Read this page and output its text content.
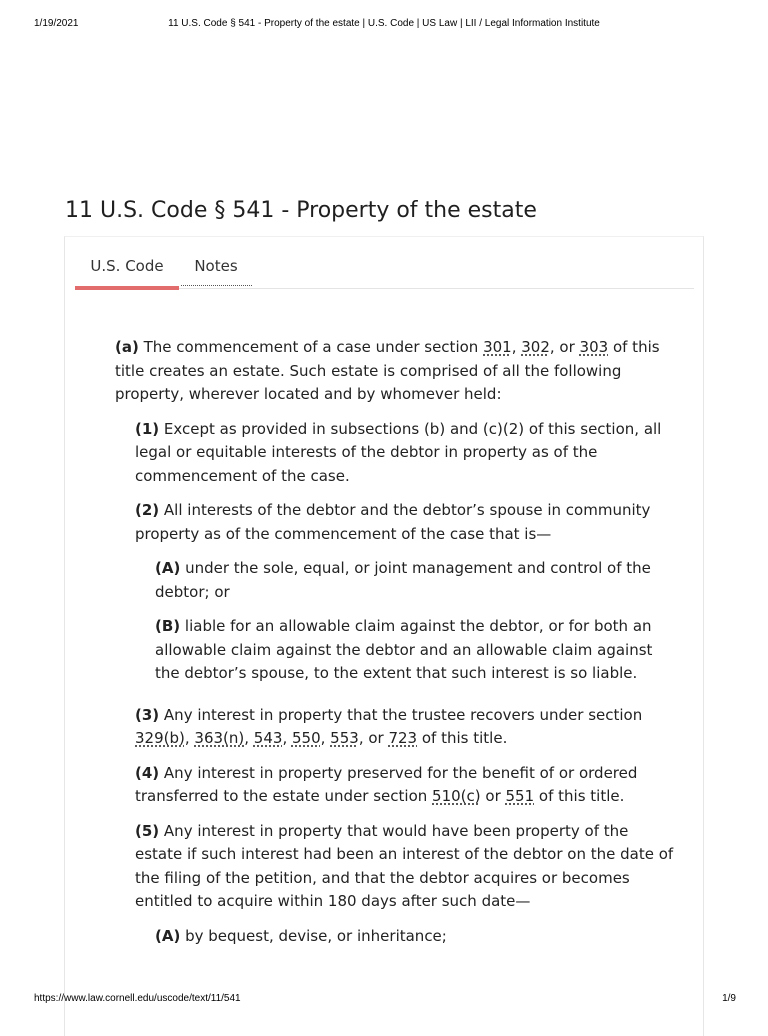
1/19/2021	11 U.S. Code § 541 - Property of the estate | U.S. Code | US Law | LII / Legal Information Institute
11 U.S. Code § 541 - Property of the estate
U.S. Code	Notes

(a) The commencement of a case under section 301, 302, or 303 of this title creates an estate. Such estate is comprised of all the following property, wherever located and by whomever held:

(1) Except as provided in subsections (b) and (c)(2) of this section, all legal or equitable interests of the debtor in property as of the commencement of the case.

(2) All interests of the debtor and the debtor’s spouse in community property as of the commencement of the case that is—

(A) under the sole, equal, or joint management and control of the debtor; or

(B) liable for an allowable claim against the debtor, or for both an allowable claim against the debtor and an allowable claim against the debtor’s spouse, to the extent that such interest is so liable.

(3) Any interest in property that the trustee recovers under section 329(b), 363(n), 543, 550, 553, or 723 of this title.

(4) Any interest in property preserved for the benefit of or ordered transferred to the estate under section 510(c) or 551 of this title.

(5) Any interest in property that would have been property of the estate if such interest had been an interest of the debtor on the date of the filing of the petition, and that the debtor acquires or becomes entitled to acquire within 180 days after such date—

(A) by bequest, devise, or inheritance;

https://www.law.cornell.edu/uscode/text/11/541	1/9
